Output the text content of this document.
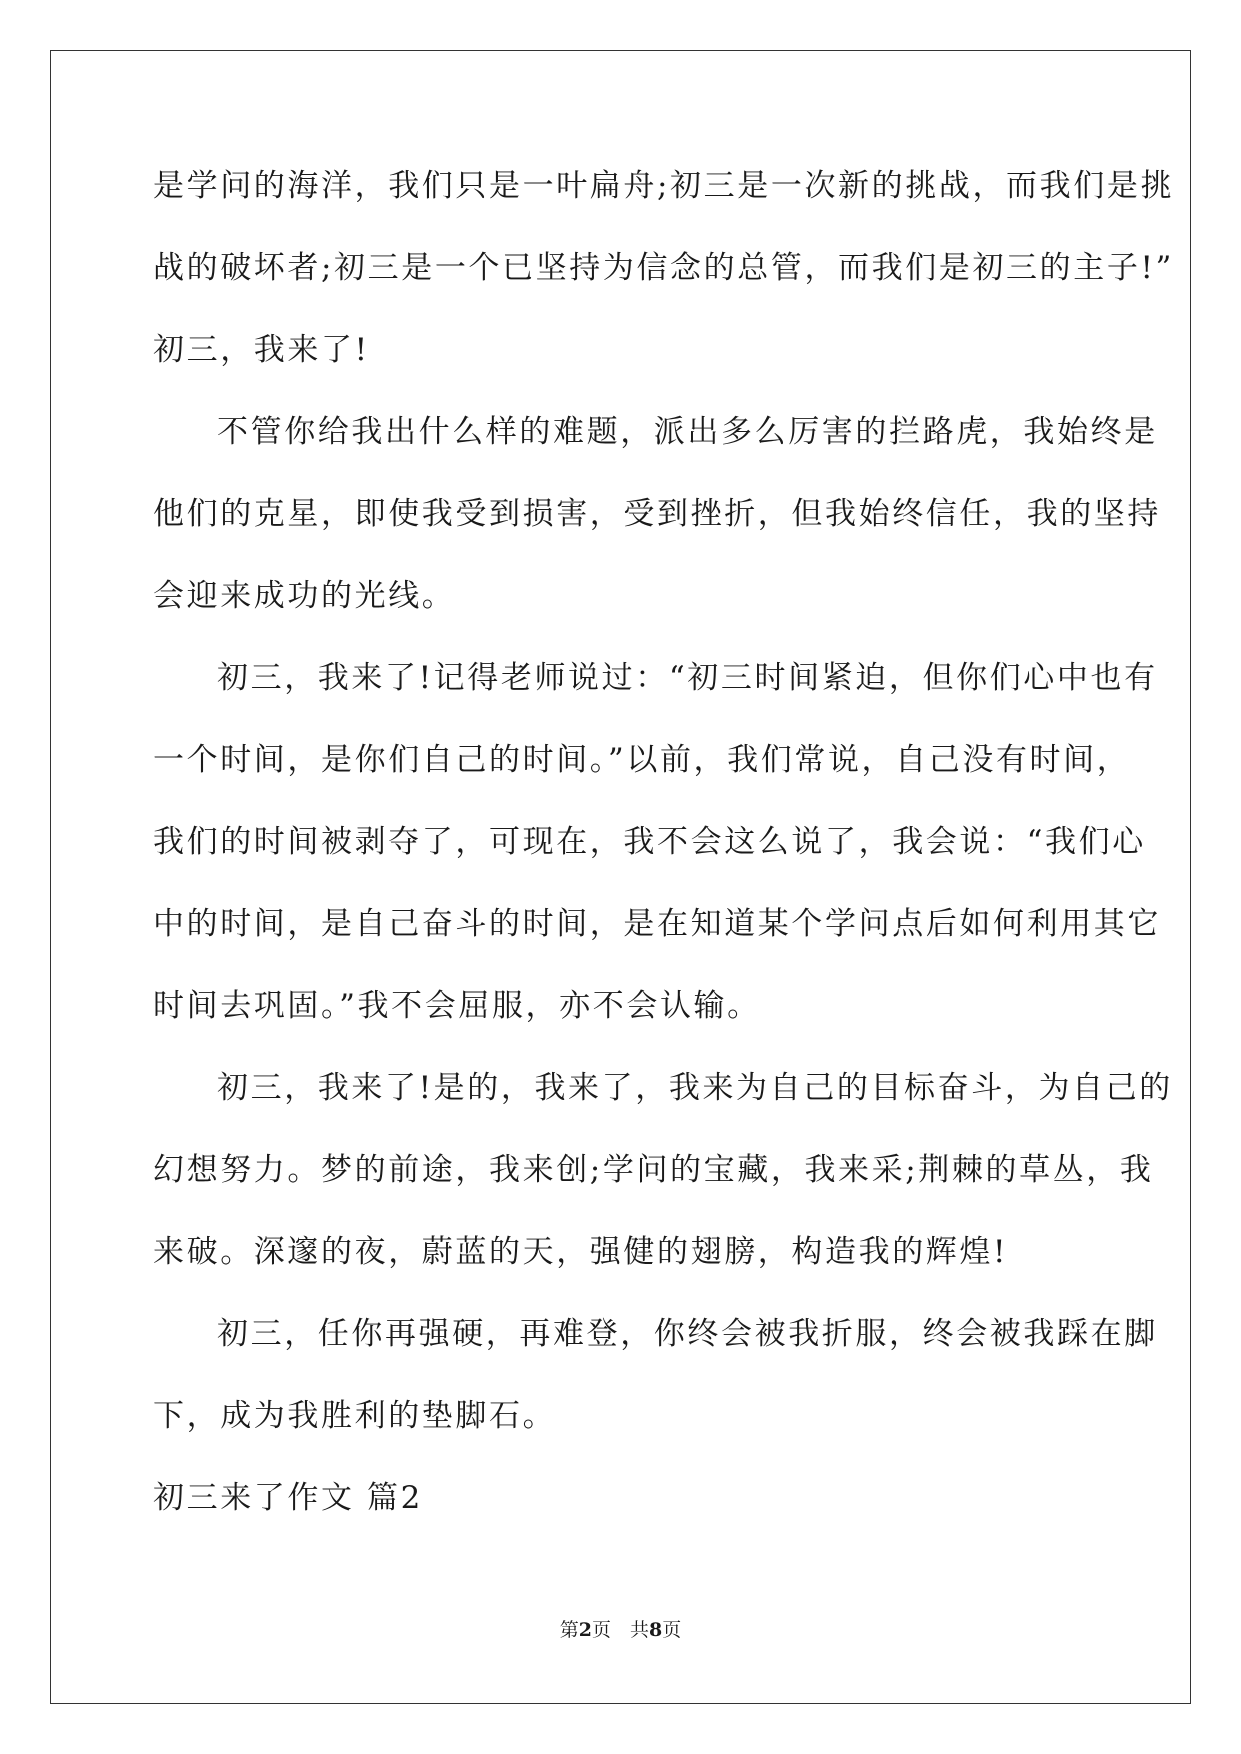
是学问的海洋，我们只是一叶扁舟;初三是一次新的挑战，而我们是挑
战的破坏者;初三是一个已坚持为信念的总管，而我们是初三的主子!”
初三，我来了!
不管你给我出什么样的难题，派出多么厉害的拦路虎，我始终是
他们的克星，即使我受到损害，受到挫折，但我始终信任，我的坚持
会迎来成功的光线。
初三，我来了!记得老师说过：“初三时间紧迫，但你们心中也有
一个时间，是你们自己的时间。”以前，我们常说，自己没有时间，
我们的时间被剥夺了，可现在，我不会这么说了，我会说：“我们心
中的时间，是自己奋斗的时间，是在知道某个学问点后如何利用其它
时间去巩固。”我不会屈服，亦不会认输。
初三，我来了!是的，我来了，我来为自己的目标奋斗，为自己的
幻想努力。梦的前途，我来创;学问的宝藏，我来采;荆棘的草丛，我
来破。深邃的夜，蔚蓝的天，强健的翅膀，构造我的辉煌!
初三，任你再强硬，再难登，你终会被我折服，终会被我踩在脚
下，成为我胜利的垫脚石。
初三来了作文 篇2
第2页　共8页
